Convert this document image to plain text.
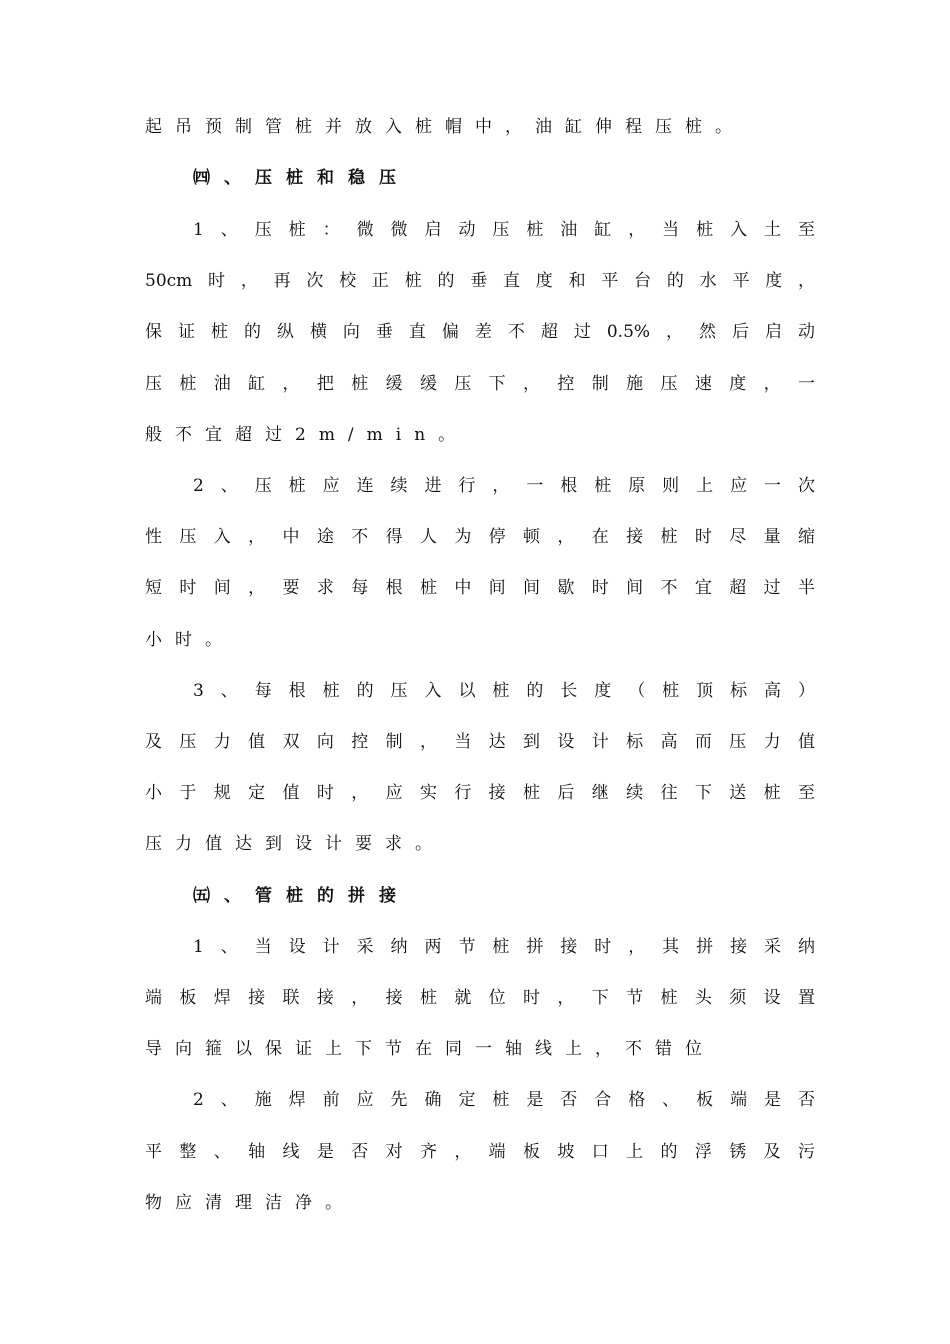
起吊预制管桩并放入桩帽中，油缸伸程压桩。
㈣、压桩和稳压
1、压桩：微微启动压桩油缸，当桩入土至
50cm时，再次校正桩的垂直度和平台的水平度，
保证桩的纵横向垂直偏差不超过0.5%，然后启动
压桩油缸，把桩缓缓压下，控制施压速度，一
般不宜超过2m/min。
2、压桩应连续进行，一根桩原则上应一次
性压入，中途不得人为停顿，在接桩时尽量缩
短时间，要求每根桩中间间歇时间不宜超过半
小时。
3、每根桩的压入以桩的长度（桩顶标高）
及压力值双向控制，当达到设计标高而压力值
小于规定值时，应实行接桩后继续往下送桩至
压力值达到设计要求。
㈤、管桩的拼接
1、当设计采纳两节桩拼接时，其拼接采纳
端板焊接联接，接桩就位时，下节桩头须设置
导向箍以保证上下节在同一轴线上，不错位
2、施焊前应先确定桩是否合格、板端是否
平整、轴线是否对齐，端板坡口上的浮锈及污
物应清理洁净。
